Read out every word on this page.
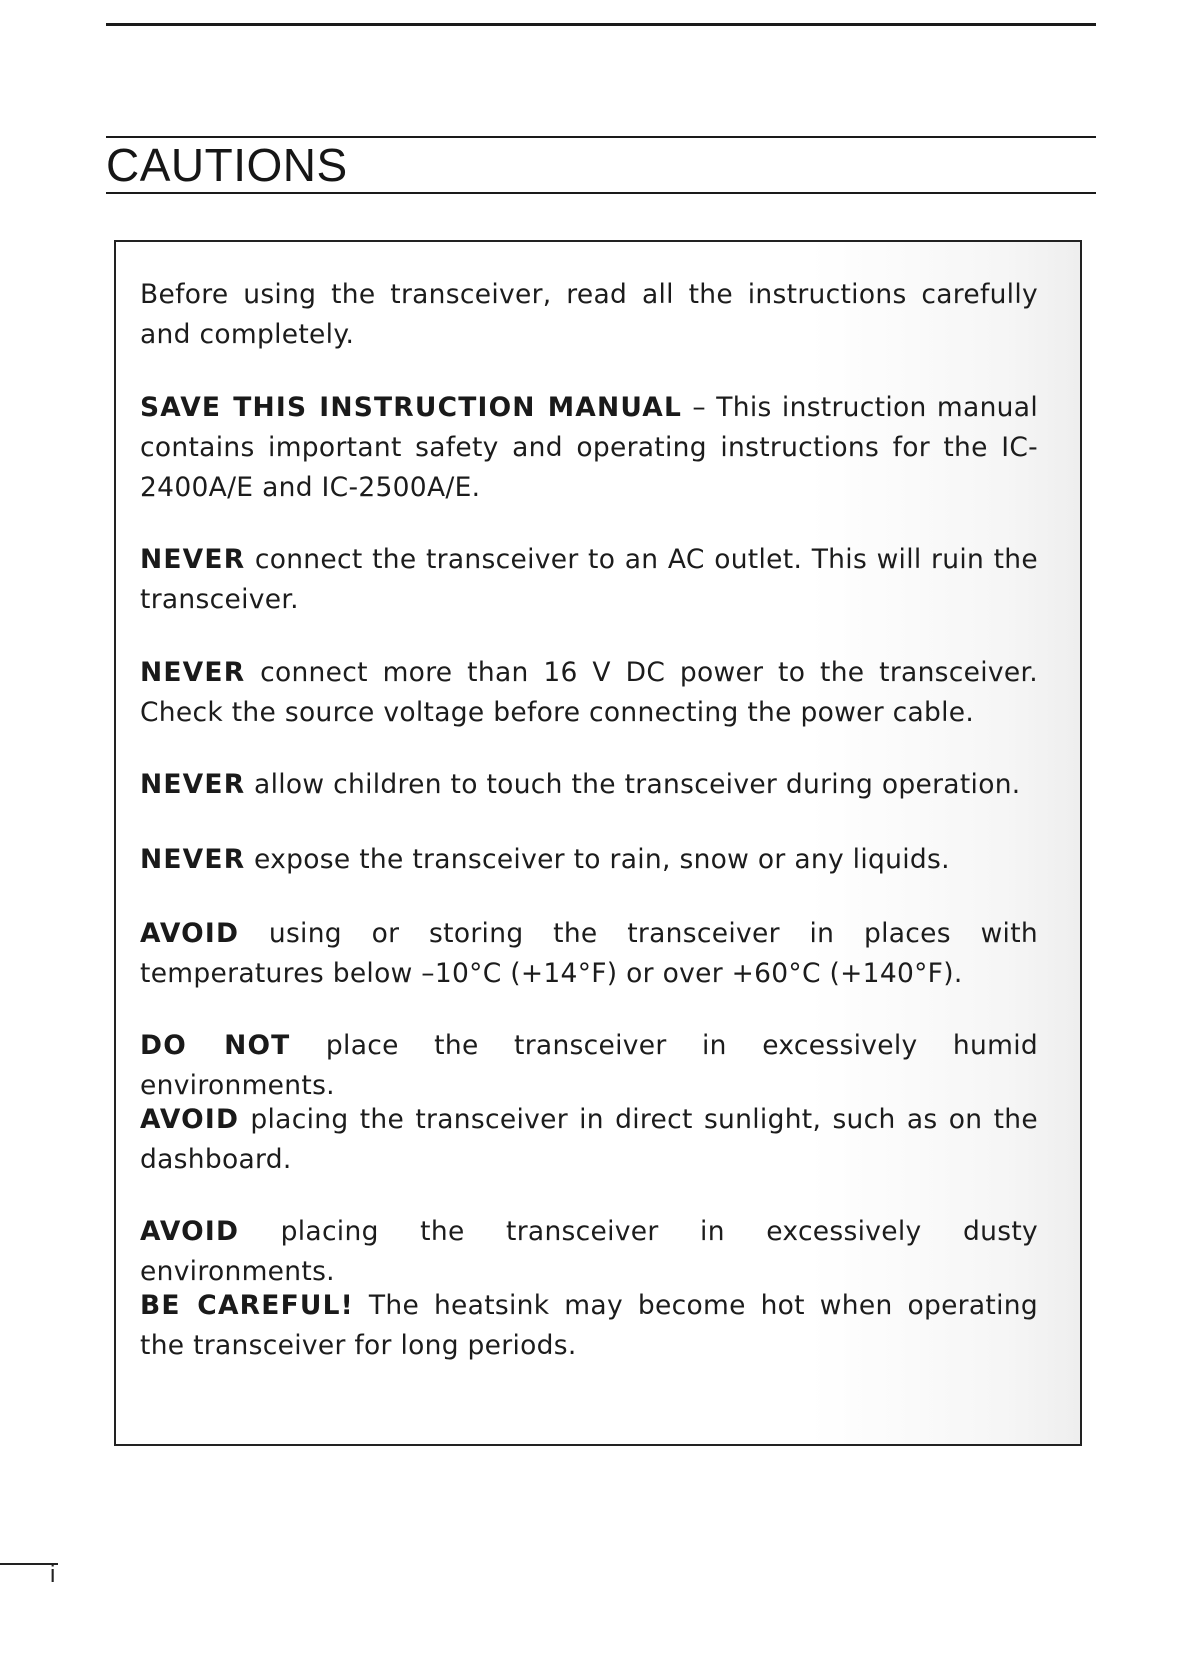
CAUTIONS

Before using the transceiver, read all the instructions carefully and completely.

SAVE THIS INSTRUCTION MANUAL – This instruction manual contains important safety and operating instructions for the IC-2400A/E and IC-2500A/E.

NEVER connect the transceiver to an AC outlet. This will ruin the transceiver.

NEVER connect more than 16 V DC power to the transceiver. Check the source voltage before connecting the power cable.

NEVER allow children to touch the transceiver during operation.

NEVER expose the transceiver to rain, snow or any liquids.

AVOID using or storing the transceiver in places with temperatures below –10°C (+14°F) or over +60°C (+140°F).

DO NOT place the transceiver in excessively humid environments.

AVOID placing the transceiver in direct sunlight, such as on the dashboard.

AVOID placing the transceiver in excessively dusty environments.

BE CAREFUL! The heatsink may become hot when operating the transceiver for long periods.

i
